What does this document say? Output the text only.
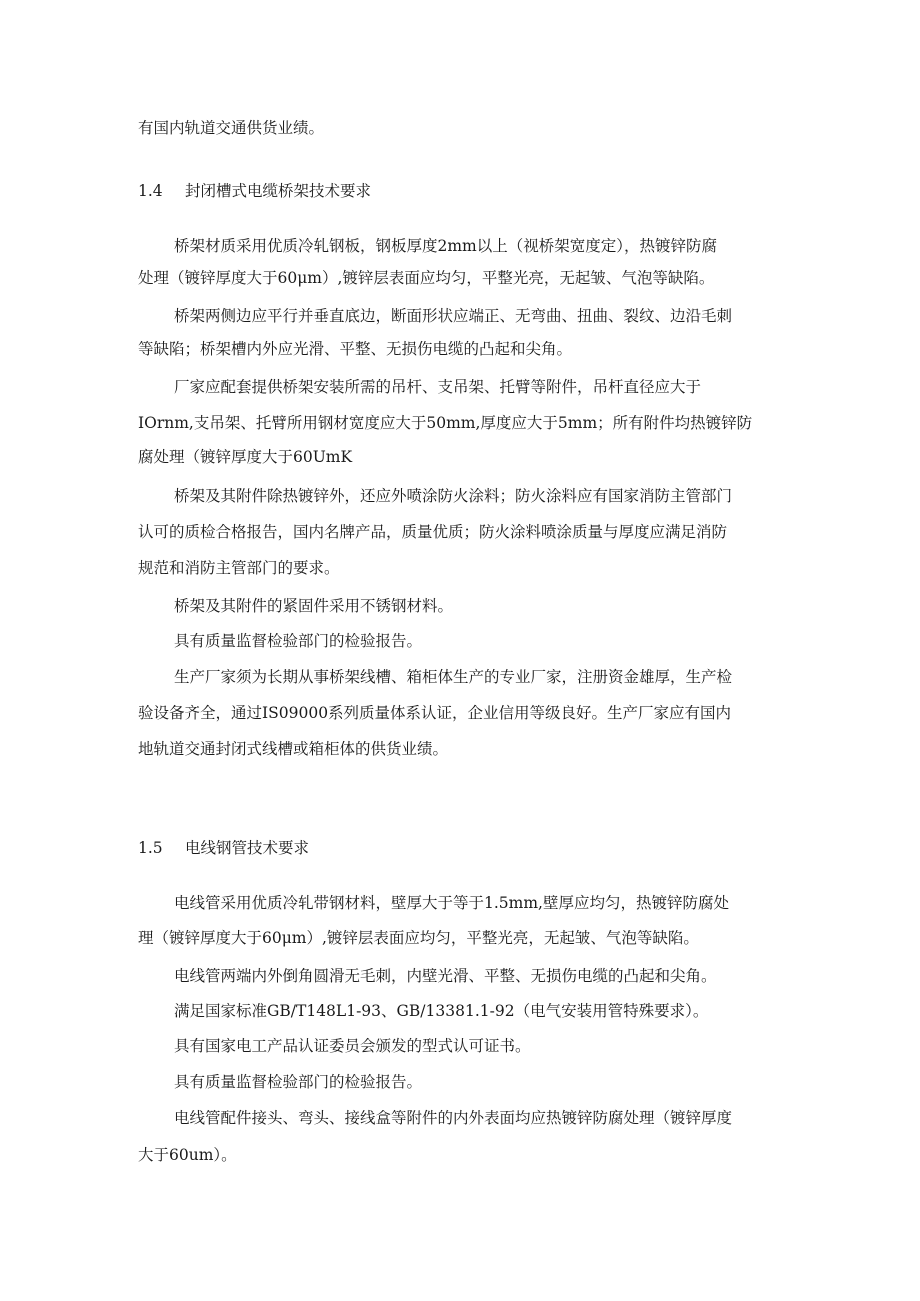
有国内轨道交通供货业绩。
1.4 封闭槽式电缆桥架技术要求
桥架材质采用优质冷轧钢板，钢板厚度2mm以上（视桥架宽度定），热镀锌防腐
处理（镀锌厚度大于60μm）,镀锌层表面应均匀，平整光亮，无起皱、气泡等缺陷。
桥架两侧边应平行并垂直底边，断面形状应端正、无弯曲、扭曲、裂纹、边沿毛刺
等缺陷；桥架槽内外应光滑、平整、无损伤电缆的凸起和尖角。
厂家应配套提供桥架安装所需的吊杆、支吊架、托臂等附件，吊杆直径应大于
IOrnm,支吊架、托臂所用钢材宽度应大于50mm,厚度应大于5mm；所有附件均热镀锌防
腐处理（镀锌厚度大于60UmK
桥架及其附件除热镀锌外，还应外喷涂防火涂料；防火涂料应有国家消防主管部门
认可的质检合格报告，国内名牌产品，质量优质；防火涂料喷涂质量与厚度应满足消防
规范和消防主管部门的要求。
桥架及其附件的紧固件采用不锈钢材料。
具有质量监督检验部门的检验报告。
生产厂家须为长期从事桥架线槽、箱柜体生产的专业厂家，注册资金雄厚，生产检
验设备齐全，通过IS09000系列质量体系认证，企业信用等级良好。生产厂家应有国内
地轨道交通封闭式线槽或箱柜体的供货业绩。
1.5 电线钢管技术要求
电线管采用优质冷轧带钢材料，壁厚大于等于1.5mm,壁厚应均匀，热镀锌防腐处
理（镀锌厚度大于60μm）,镀锌层表面应均匀，平整光亮，无起皱、气泡等缺陷。
电线管两端内外倒角圆滑无毛刺，内壁光滑、平整、无损伤电缆的凸起和尖角。
满足国家标准GB/T148L1-93、GB/13381.1-92（电气安装用管特殊要求）。
具有国家电工产品认证委员会颁发的型式认可证书。
具有质量监督检验部门的检验报告。
电线管配件接头、弯头、接线盒等附件的内外表面均应热镀锌防腐处理（镀锌厚度
大于60um）。
